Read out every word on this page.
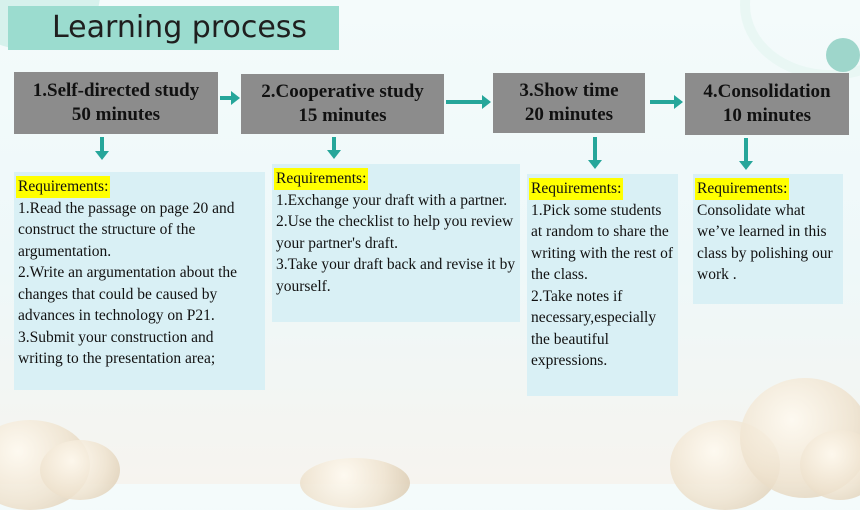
Learning process
1.Self-directed study
50 minutes
2.Cooperative study
15 minutes
3.Show time
20 minutes
4.Consolidation
10 minutes
Requirements:

1.Read the passage on page 20 and construct the structure of the argumentation.

2.Write an argumentation about the changes that could be caused by advances in technology on P21.

3.Submit your construction and writing to the presentation area;

Requirements:

1.Exchange your draft with a partner.

2.Use the checklist to help you review your partner's draft.

3.Take your draft back and revise it by yourself.

Requirements:

1.Pick some students at random to share the writing with the rest of the class.

2.Take notes if necessary,especially the beautiful expressions.

Requirements:

Consolidate what we’ve learned in this class by polishing our work .
